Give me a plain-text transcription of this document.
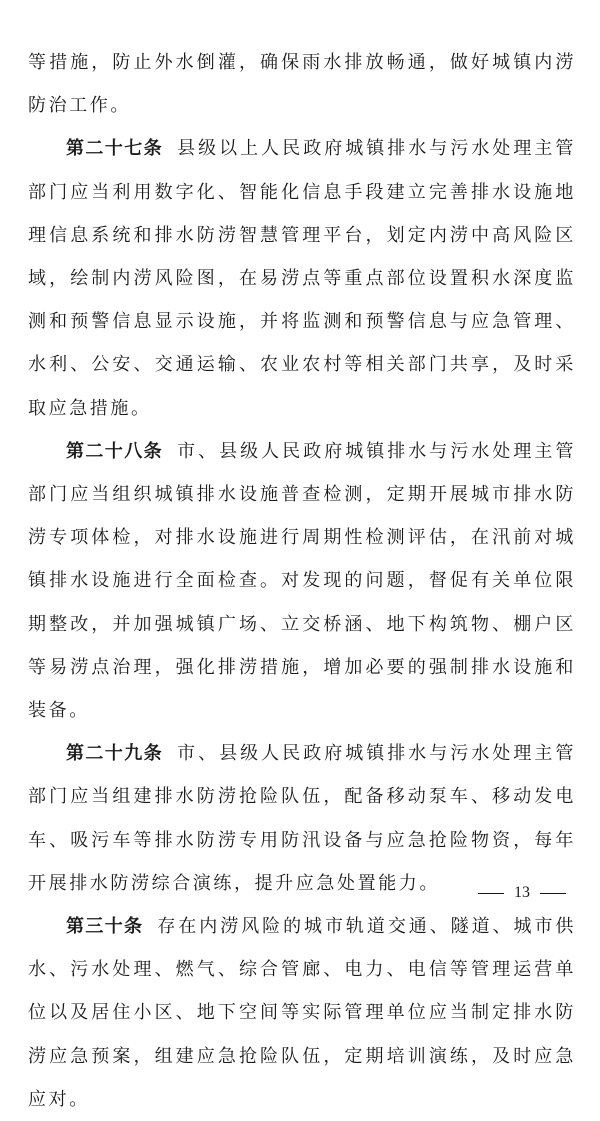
等措施，防止外水倒灌，确保雨水排放畅通，做好城镇内涝防治工作。

第二十七条 县级以上人民政府城镇排水与污水处理主管部门应当利用数字化、智能化信息手段建立完善排水设施地理信息系统和排水防涝智慧管理平台，划定内涝中高风险区域，绘制内涝风险图，在易涝点等重点部位设置积水深度监测和预警信息显示设施，并将监测和预警信息与应急管理、水利、公安、交通运输、农业农村等相关部门共享，及时采取应急措施。

第二十八条 市、县级人民政府城镇排水与污水处理主管部门应当组织城镇排水设施普查检测，定期开展城市排水防涝专项体检，对排水设施进行周期性检测评估，在汛前对城镇排水设施进行全面检查。对发现的问题，督促有关单位限期整改，并加强城镇广场、立交桥涵、地下构筑物、棚户区等易涝点治理，强化排涝措施，增加必要的强制排水设施和装备。

第二十九条 市、县级人民政府城镇排水与污水处理主管部门应当组建排水防涝抢险队伍，配备移动泵车、移动发电车、吸污车等排水防涝专用防汛设备与应急抢险物资，每年开展排水防涝综合演练，提升应急处置能力。

第三十条 存在内涝风险的城市轨道交通、隧道、城市供水、污水处理、燃气、综合管廊、电力、电信等管理运营单位以及居住小区、地下空间等实际管理单位应当制定排水防涝应急预案，组建应急抢险队伍，定期培训演练，及时应急应对。

13
